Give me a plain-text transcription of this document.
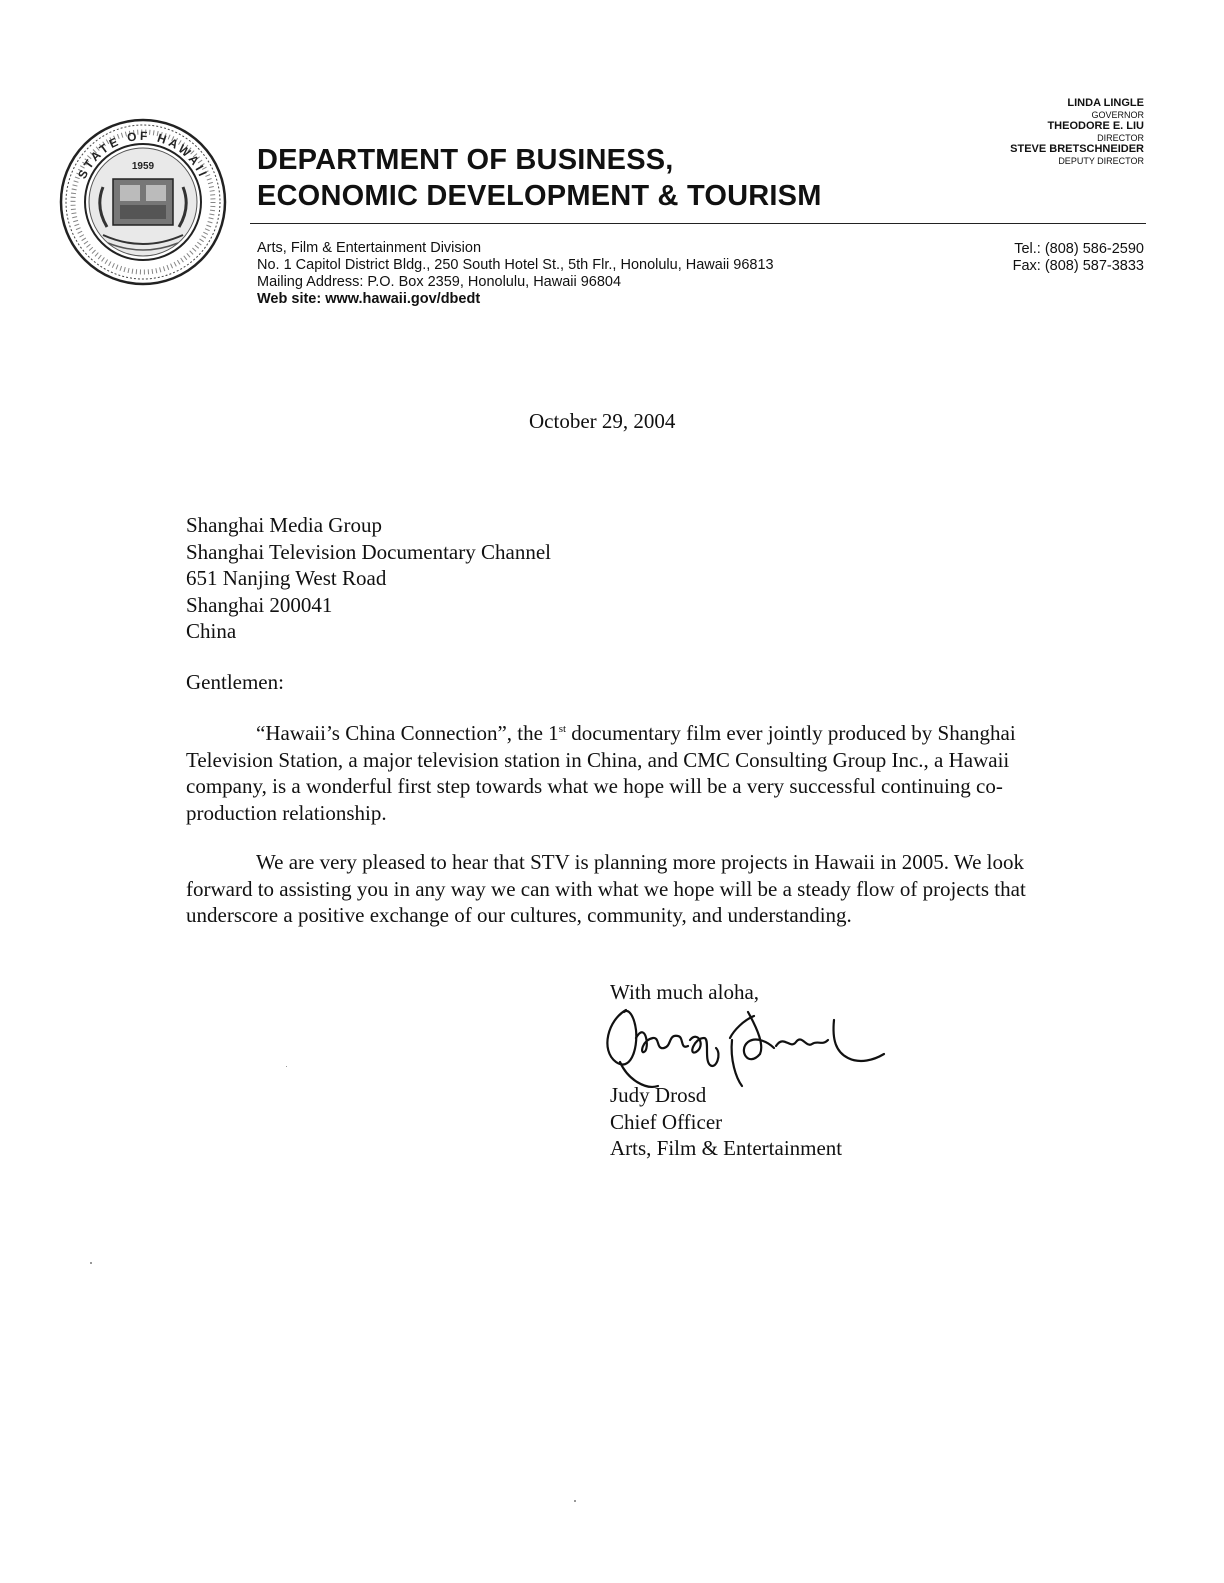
STATE OF HAWAII
1959	DEPARTMENT OF BUSINESS,
ECONOMIC DEVELOPMENT & TOURISM
LINDA LINGLE
GOVERNOR
THEODORE E. LIU
DIRECTOR
STEVE BRETSCHNEIDER
DEPUTY DIRECTOR
Arts, Film & Entertainment Division
No. 1 Capitol District Bldg., 250 South Hotel St., 5th Flr., Honolulu, Hawaii 96813
Mailing Address: P.O. Box 2359, Honolulu, Hawaii 96804
Web site: www.hawaii.gov/dbedt
Tel.: (808) 586-2590
Fax: (808) 587-3833
October 29, 2004
Shanghai Media Group
Shanghai Television Documentary Channel
651 Nanjing West Road
Shanghai 200041
China
Gentlemen:

“Hawaii’s China Connection”, the 1st documentary film ever jointly produced by Shanghai Television Station, a major television station in China, and CMC Consulting Group Inc., a Hawaii company, is a wonderful first step towards what we hope will be a very successful continuing co-production relationship.

We are very pleased to hear that STV is planning more projects in Hawaii in 2005. We look forward to assisting you in any way we can with what we hope will be a steady flow of projects that underscore a positive exchange of our cultures, community, and understanding.

With much aloha,
Judy Drosd
Chief Officer
Arts, Film & Entertainment
